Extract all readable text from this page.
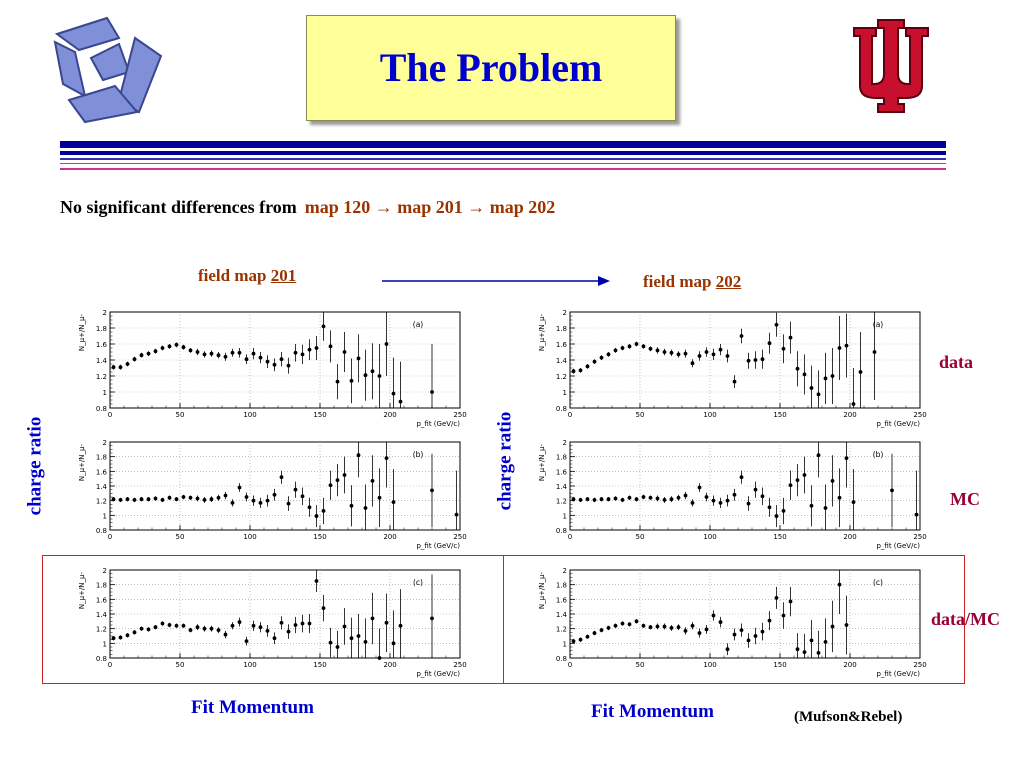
The Problem
No significant differences from map 120 → map 201 → map 202
field map 201	field map 202
charge ratio	charge ratio
data
MC
data/MC
0.8
1
1.2
1.4
1.6
1.8
2
0	50	100	150	200	250
p_fit (GeV/c)
N_μ+/N_μ-	(a)
0.8
1
1.2
1.4
1.6
1.8
2
0	50	100	150	200	250
p_fit (GeV/c)
N_μ+/N_μ-	(b)
0.8
1
1.2
1.4
1.6
1.8
2
0	50	100	150	200	250
p_fit (GeV/c)
N_μ+/N_μ-	(c)
0.8
1
1.2
1.4
1.6
1.8
2
0	50	100	150	200	250
p_fit (GeV/c)
N_μ+/N_μ-	(a)
0.8
1
1.2
1.4
1.6
1.8
2
0	50	100	150	200	250
p_fit (GeV/c)
N_μ+/N_μ-	(b)
0.8
1
1.2
1.4
1.6
1.8
2
0	50	100	150	200	250
p_fit (GeV/c)
N_μ+/N_μ-	(c)
Fit Momentum	Fit Momentum	(Mufson&Rebel)
